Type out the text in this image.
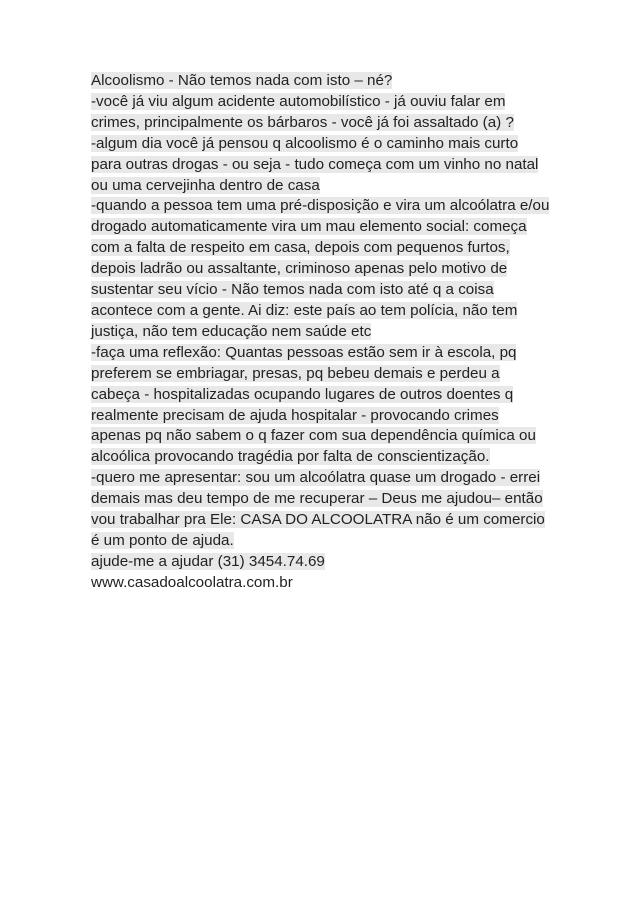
Alcoolismo - Não temos nada com isto – né?
-você já viu algum acidente automobilístico - já ouviu falar em
crimes, principalmente os bárbaros - você já foi assaltado (a) ?
-algum dia você já pensou q alcoolismo é o caminho mais curto
para outras drogas - ou seja - tudo começa com um vinho no natal
ou uma cervejinha dentro de casa
-quando a pessoa tem uma pré-disposição e vira um alcoólatra e/ou
drogado automaticamente vira um mau elemento social: começa
com a falta de respeito em casa, depois com pequenos furtos,
depois ladrão ou assaltante, criminoso apenas pelo motivo de
sustentar seu vício - Não temos nada com isto até q a coisa
acontece com a gente. Ai diz: este país ao tem polícia, não tem
justiça, não tem educação nem saúde etc
-faça uma reflexão: Quantas pessoas estão sem ir à escola, pq
preferem se embriagar, presas, pq bebeu demais e perdeu a
cabeça - hospitalizadas ocupando lugares de outros doentes q
realmente precisam de ajuda hospitalar - provocando crimes
apenas pq não sabem o q fazer com sua dependência química ou
alcoólica provocando tragédia por falta de conscientização.
-quero me apresentar: sou um alcoólatra quase um drogado - errei
demais mas deu tempo de me recuperar – Deus me ajudou– então
vou trabalhar pra Ele: CASA DO ALCOOLATRA não é um comercio
é um ponto de ajuda.
ajude-me a ajudar (31) 3454.74.69
www.casadoalcoolatra.com.br
